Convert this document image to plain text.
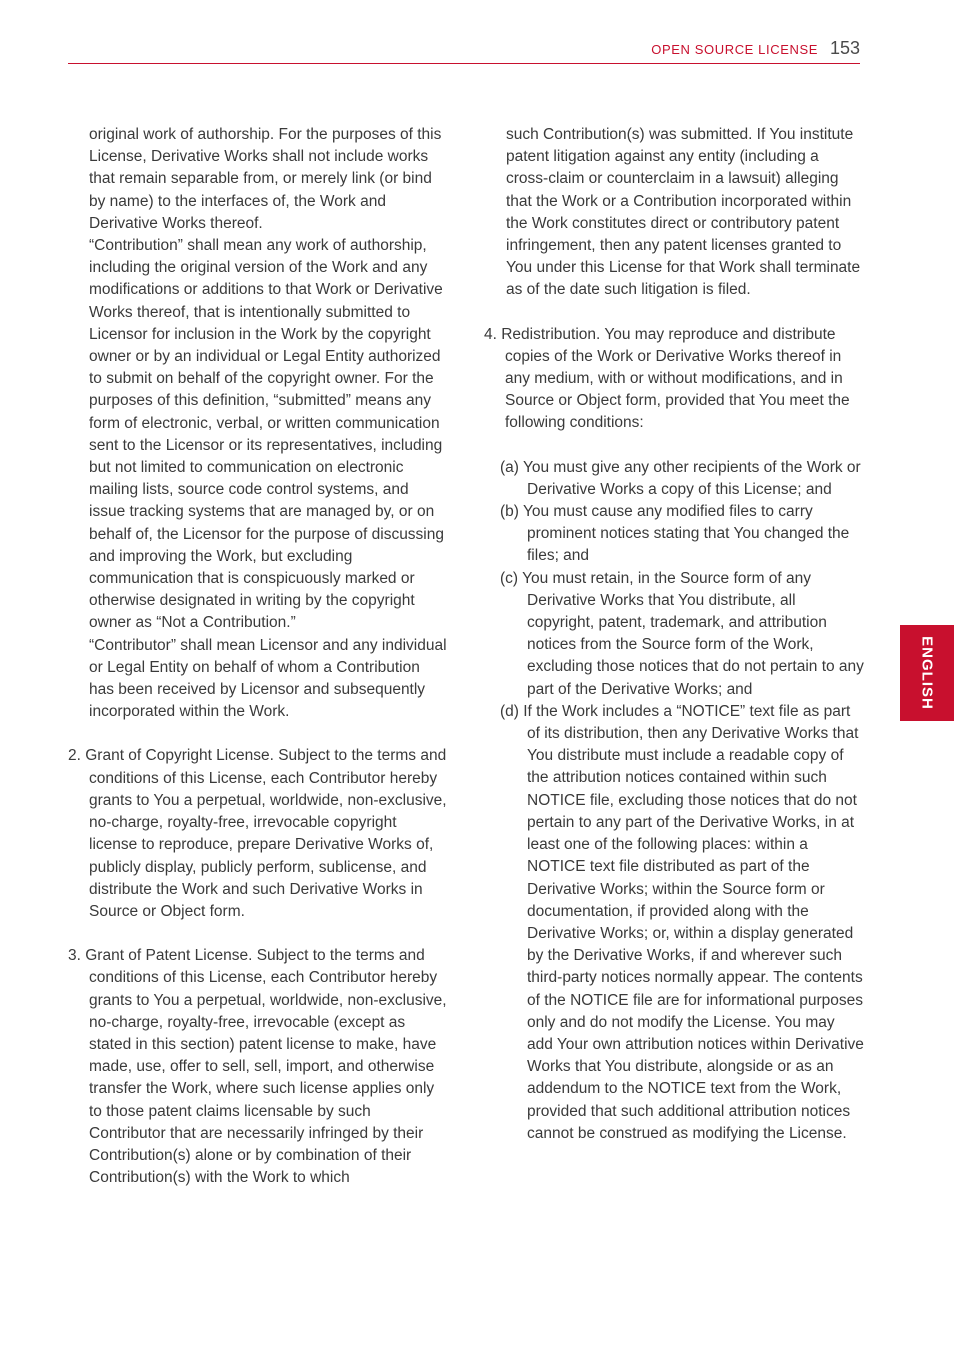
OPEN SOURCE LICENSE 153
ENGLISH
original work of authorship. For the purposes of this License, Derivative Works shall not include works that remain separable from, or merely link (or bind by name) to the interfaces of, the Work and Derivative Works thereof.
“Contribution” shall mean any work of authorship, including the original version of the Work and any modifications or additions to that Work or Derivative Works thereof, that is intentionally submitted to Licensor for inclusion in the Work by the copyright owner or by an individual or Legal Entity authorized to submit on behalf of the copyright owner. For the purposes of this definition, “submitted” means any form of electronic, verbal, or written communication sent to the Licensor or its representatives, including but not limited to communication on electronic mailing lists, source code control systems, and issue tracking systems that are managed by, or on behalf of, the Licensor for the purpose of discussing and improving the Work, but excluding communication that is conspicuously marked or otherwise designated in writing by the copyright owner as “Not a Contribution.”
“Contributor” shall mean Licensor and any individual or Legal Entity on behalf of whom a Contribution has been received by Licensor and subsequently incorporated within the Work.
2. Grant of Copyright License. Subject to the terms and conditions of this License, each Contributor hereby grants to You a perpetual, worldwide, non-exclusive, no-charge, royalty-free, irrevocable copyright license to reproduce, prepare Derivative Works of, publicly display, publicly perform, sublicense, and distribute the Work and such Derivative Works in Source or Object form.
3. Grant of Patent License. Subject to the terms and conditions of this License, each Contributor hereby grants to You a perpetual, worldwide, non-exclusive, no-charge, royalty-free, irrevocable (except as stated in this section) patent license to make, have made, use, offer to sell, sell, import, and otherwise transfer the Work, where such license applies only to those patent claims licensable by such Contributor that are necessarily infringed by their Contribution(s) alone or by combination of their Contribution(s) with the Work to which
such Contribution(s) was submitted. If You institute patent litigation against any entity (including a cross-claim or counterclaim in a lawsuit) alleging that the Work or a Contribution incorporated within the Work constitutes direct or contributory patent infringement, then any patent licenses granted to You under this License for that Work shall terminate as of the date such litigation is filed.
4. Redistribution. You may reproduce and distribute copies of the Work or Derivative Works thereof in any medium, with or without modifications, and in Source or Object form, provided that You meet the following conditions:
(a) You must give any other recipients of the Work or Derivative Works a copy of this License; and
(b) You must cause any modified files to carry prominent notices stating that You changed the files; and
(c) You must retain, in the Source form of any Derivative Works that You distribute, all copyright, patent, trademark, and attribution notices from the Source form of the Work, excluding those notices that do not pertain to any part of the Derivative Works; and
(d) If the Work includes a “NOTICE” text file as part of its distribution, then any Derivative Works that You distribute must include a readable copy of the attribution notices contained within such NOTICE file, excluding those notices that do not pertain to any part of the Derivative Works, in at least one of the following places: within a NOTICE text file distributed as part of the Derivative Works; within the Source form or documentation, if provided along with the Derivative Works; or, within a display generated by the Derivative Works, if and wherever such third-party notices normally appear. The contents of the NOTICE file are for informational purposes only and do not modify the License. You may add Your own attribution notices within Derivative Works that You distribute, alongside or as an addendum to the NOTICE text from the Work, provided that such additional attribution notices cannot be construed as modifying the License.
